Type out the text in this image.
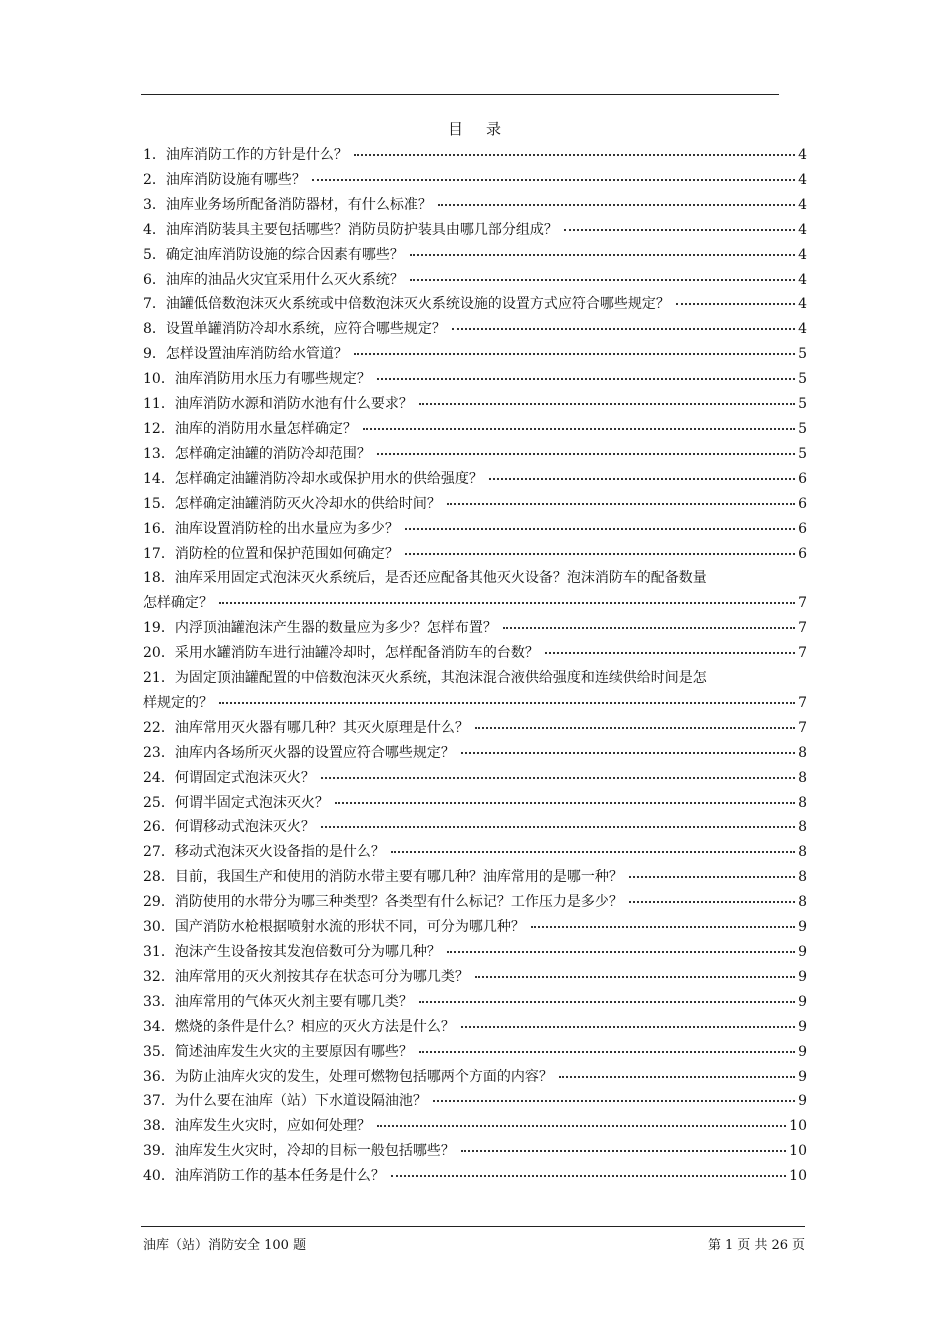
目 录
1．油库消防工作的方针是什么？	4
2．油库消防设施有哪些？	4
3．油库业务场所配备消防器材，有什么标准？	4
4．油库消防装具主要包括哪些？消防员防护装具由哪几部分组成？	4
5．确定油库消防设施的综合因素有哪些？	4
6．油库的油品火灾宜采用什么灭火系统？	4
7．油罐低倍数泡沫灭火系统或中倍数泡沫灭火系统设施的设置方式应符合哪些规定？	4
8．设置单罐消防冷却水系统，应符合哪些规定？	4
9．怎样设置油库消防给水管道？	5
10．油库消防用水压力有哪些规定？	5
11．油库消防水源和消防水池有什么要求？	5
12．油库的消防用水量怎样确定？	5
13．怎样确定油罐的消防冷却范围？	5
14．怎样确定油罐消防冷却水或保护用水的供给强度？	6
15．怎样确定油罐消防灭火冷却水的供给时间？	6
16．油库设置消防栓的出水量应为多少？	6
17．消防栓的位置和保护范围如何确定？	6
18．油库采用固定式泡沫灭火系统后，是否还应配备其他灭火设备？泡沫消防车的配备数量
怎样确定？	7
19．内浮顶油罐泡沫产生器的数量应为多少？怎样布置？	7
20．采用水罐消防车进行油罐冷却时，怎样配备消防车的台数？	7
21．为固定顶油罐配置的中倍数泡沫灭火系统，其泡沫混合液供给强度和连续供给时间是怎
样规定的？	7
22．油库常用灭火器有哪几种？其灭火原理是什么？	7
23．油库内各场所灭火器的设置应符合哪些规定？	8
24．何谓固定式泡沫灭火？	8
25．何谓半固定式泡沫灭火？	8
26．何谓移动式泡沫灭火？	8
27．移动式泡沫灭火设备指的是什么？	8
28．目前，我国生产和使用的消防水带主要有哪几种？油库常用的是哪一种？	8
29．消防使用的水带分为哪三种类型？各类型有什么标记？工作压力是多少？	8
30．国产消防水枪根据喷射水流的形状不同，可分为哪几种？	9
31．泡沫产生设备按其发泡倍数可分为哪几种？	9
32．油库常用的灭火剂按其存在状态可分为哪几类？	9
33．油库常用的气体灭火剂主要有哪几类？	9
34．燃烧的条件是什么？相应的灭火方法是什么？	9
35．简述油库发生火灾的主要原因有哪些？	9
36．为防止油库火灾的发生，处理可燃物包括哪两个方面的内容？	9
37．为什么要在油库（站）下水道设隔油池？	9
38．油库发生火灾时，应如何处理？	10
39．油库发生火灾时，冷却的目标一般包括哪些？	10
40．油库消防工作的基本任务是什么？	10
油库（站）消防安全 100 题	第 1 页 共 26 页
